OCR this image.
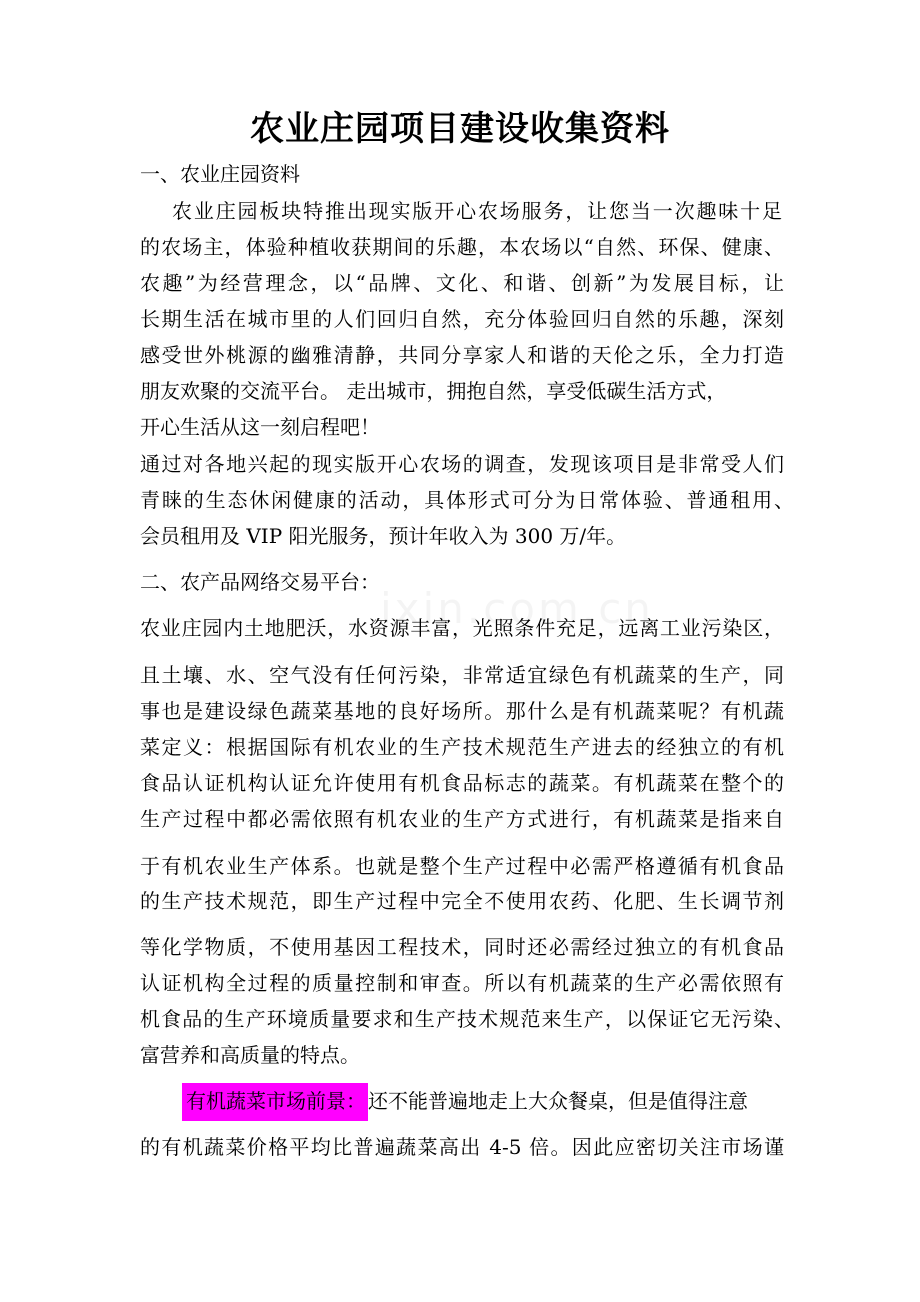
农业庄园项目建设收集资料
一、农业庄园资料
农业庄园板块特推出现实版开心农场服务，让您当一次趣味十足
的农场主，体验种植收获期间的乐趣，本农场以“自然、环保、健康、
农趣”为经营理念，以“品牌、文化、和谐、创新”为发展目标，让
长期生活在城市里的人们回归自然，充分体验回归自然的乐趣，深刻
感受世外桃源的幽雅清静，共同分享家人和谐的天伦之乐，全力打造
朋友欢聚的交流平台。 走出城市，拥抱自然，享受低碳生活方式，
开心生活从这一刻启程吧！
通过对各地兴起的现实版开心农场的调查，发现该项目是非常受人们
青睐的生态休闲健康的活动，具体形式可分为日常体验、普通租用、
会员租用及 VIP 阳光服务，预计年收入为 300 万/年。
二、农产品网络交易平台：
农业庄园内土地肥沃，水资源丰富，光照条件充足，远离工业污染区，
且土壤、水、空气没有任何污染，非常适宜绿色有机蔬菜的生产，同
事也是建设绿色蔬菜基地的良好场所。那什么是有机蔬菜呢？有机蔬
菜定义：根据国际有机农业的生产技术规范生产进去的经独立的有机
食品认证机构认证允许使用有机食品标志的蔬菜。有机蔬菜在整个的
生产过程中都必需依照有机农业的生产方式进行，有机蔬菜是指来自
于有机农业生产体系。也就是整个生产过程中必需严格遵循有机食品
的生产技术规范，即生产过程中完全不使用农药、化肥、生长调节剂
等化学物质，不使用基因工程技术，同时还必需经过独立的有机食品
认证机构全过程的质量控制和审查。所以有机蔬菜的生产必需依照有
机食品的生产环境质量要求和生产技术规范来生产，以保证它无污染、
富营养和高质量的特点。
有机蔬菜市场前景： 还不能普遍地走上大众餐桌，但是值得注意
的有机蔬菜价格平均比普遍蔬菜高出 4-5 倍。因此应密切关注市场谨
